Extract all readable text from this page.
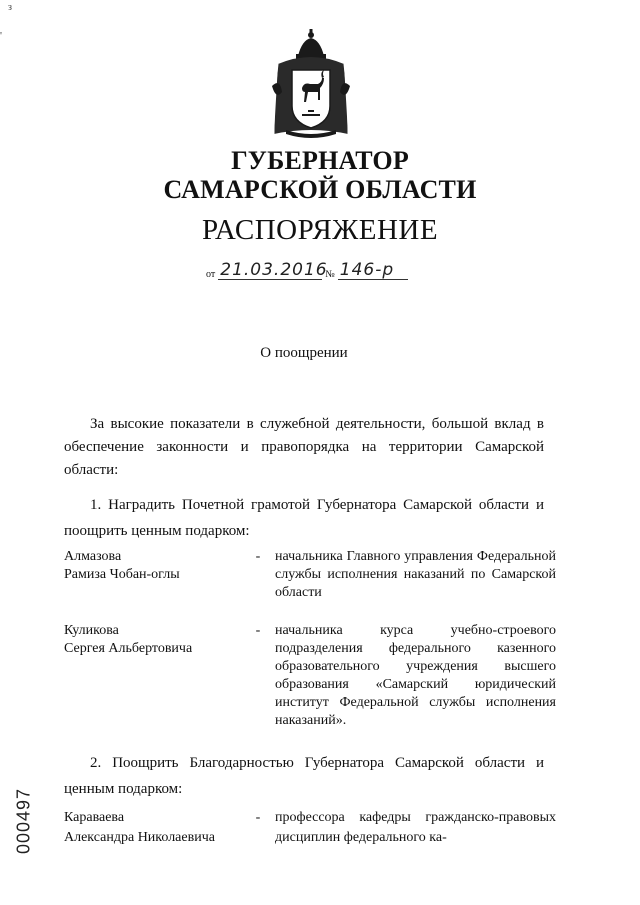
з
'
ГУБЕРНАТОР
САМАРСКОЙ ОБЛАСТИ
РАСПОРЯЖЕНИЕ
от 21.03.2016
№ 146-р
О поощрении
За высокие показатели в служебной деятельности, большой вклад в обеспечение законности и правопорядка на территории Самарской области:
1. Наградить Почетной грамотой Губернатора Самарской области и поощрить ценным подарком:
Алмазова
Рамиза Чобан-оглы
- начальника Главного управления Федеральной службы исполнения наказаний по Самарской области
Куликова
Сергея Альбертовича
- начальника курса учебно-строевого подразделения федерального казенного образовательного учреждения высшего образования «Самарский юридический институт Федеральной службы исполнения наказаний».
2. Поощрить Благодарностью Губернатора Самарской области и ценным подарком:
Караваева
Александра Николаевича
- профессора кафедры гражданско-правовых дисциплин федерального ка-
000497
